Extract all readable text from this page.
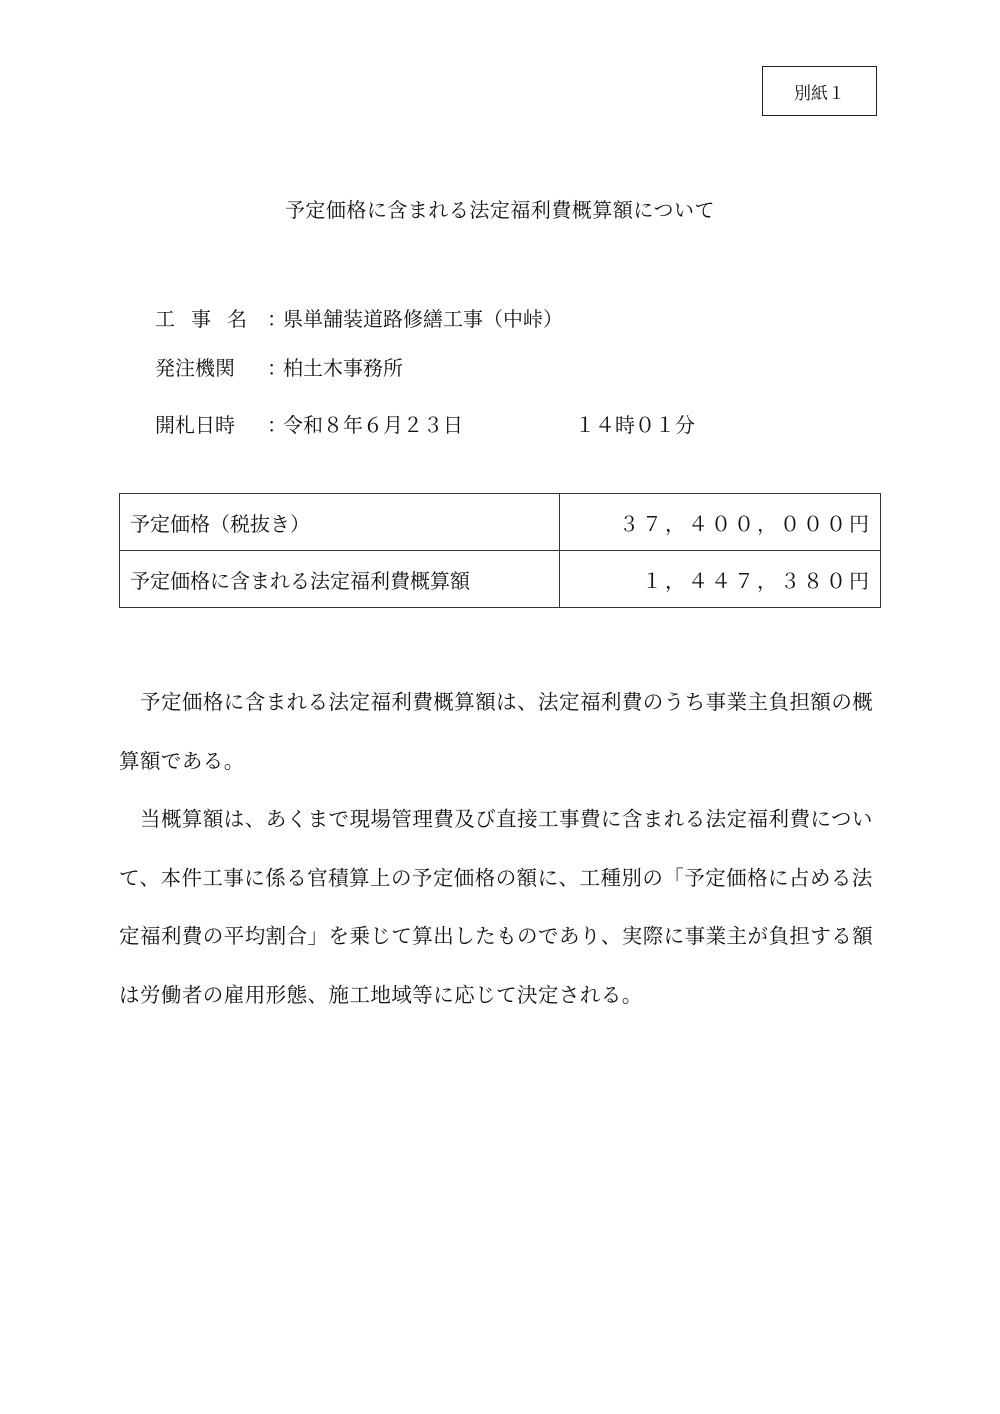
別紙１
予定価格に含まれる法定福利費概算額について
工事名 ：
県単舗装道路修繕工事（中峠）
発注機関	：
柏土木事務所
開札日時	：
令和８年６月２３日	１４時０１分
予定価格（税抜き）	３７，４００，０００円
予定価格に含まれる法定福利費概算額	１，４４７，３８０円

予定価格に含まれる法定福利費概算額は、法定福利費のうち事業主負担額の概算額である。

当概算額は、あくまで現場管理費及び直接工事費に含まれる法定福利費について、本件工事に係る官積算上の予定価格の額に、工種別の「予定価格に占める法定福利費の平均割合」を乗じて算出したものであり、実際に事業主が負担する額は労働者の雇用形態、施工地域等に応じて決定される。
